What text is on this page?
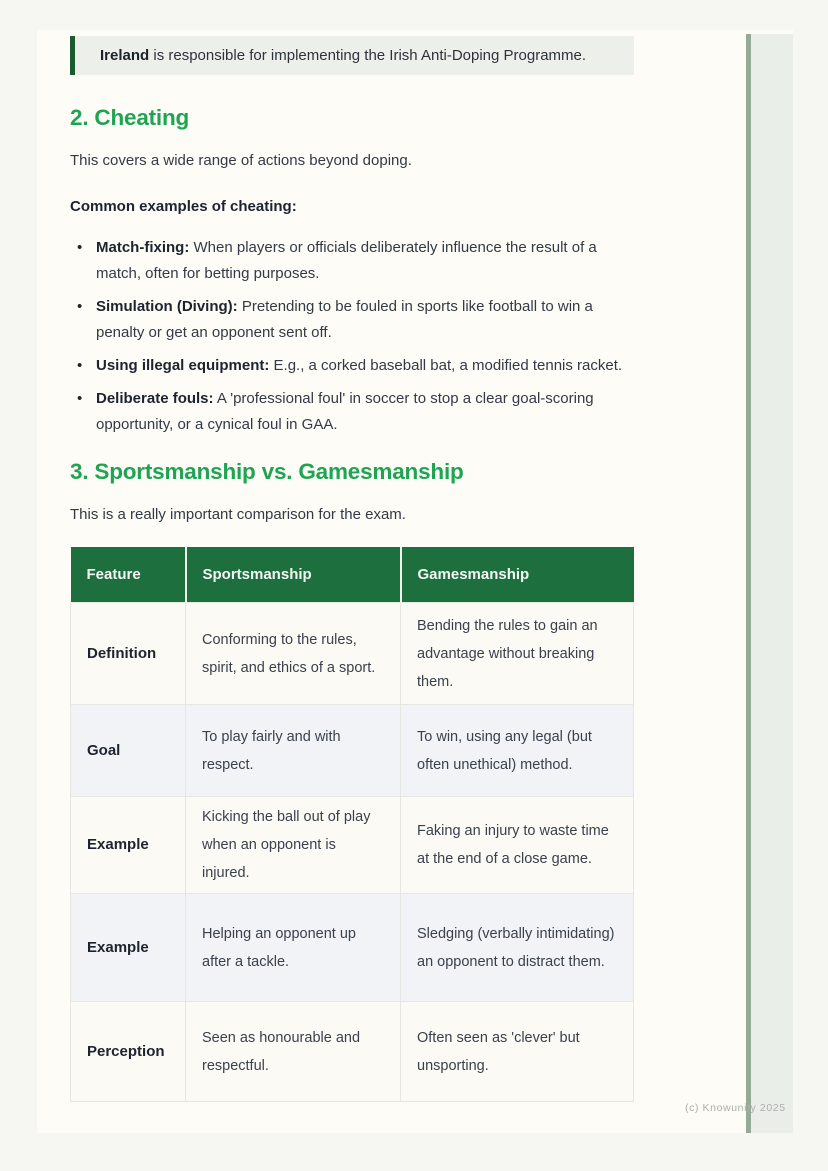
Ireland is responsible for implementing the Irish Anti-Doping Programme.
2. Cheating

This covers a wide range of actions beyond doping.

Common examples of cheating:

• Match-fixing: When players or officials deliberately influence the result of a match, often for betting purposes.
• Simulation (Diving): Pretending to be fouled in sports like football to win a penalty or get an opponent sent off.
• Using illegal equipment: E.g., a corked baseball bat, a modified tennis racket.
• Deliberate fouls: A 'professional foul' in soccer to stop a clear goal-scoring opportunity, or a cynical foul in GAA.
3. Sportsmanship vs. Gamesmanship

This is a really important comparison for the exam.

Feature	Sportsmanship	Gamesmanship
Definition	Conforming to the rules, spirit, and ethics of a sport.	Bending the rules to gain an advantage without breaking them.
Goal	To play fairly and with respect.	To win, using any legal (but often unethical) method.
Example	Kicking the ball out of play when an opponent is injured.	Faking an injury to waste time at the end of a close game.
Example	Helping an opponent up after a tackle.	Sledging (verbally intimidating) an opponent to distract them.
Perception	Seen as honourable and respectful.	Often seen as 'clever' but unsporting.
(c) Knowunity 2025
